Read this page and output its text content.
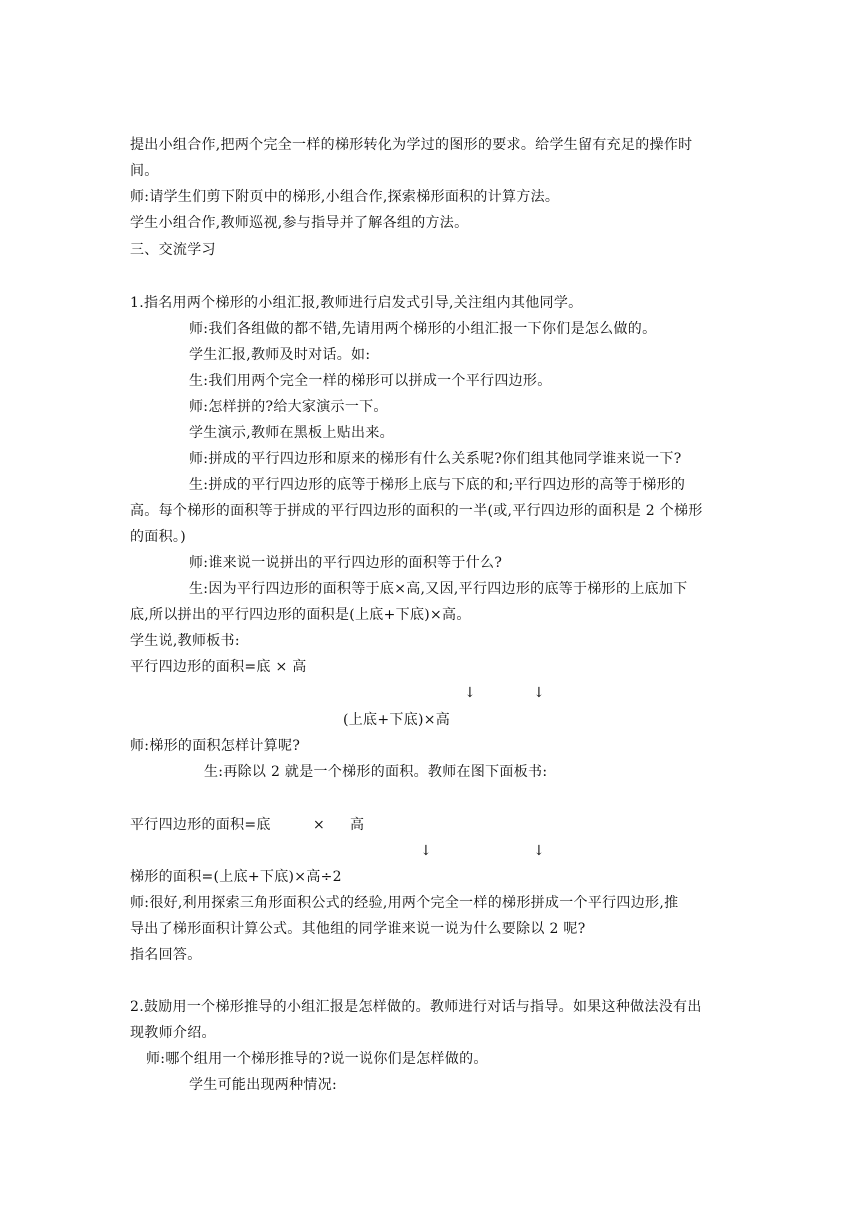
提出小组合作,把两个完全一样的梯形转化为学过的图形的要求。给学生留有充足的操作时
间。
师:请学生们剪下附页中的梯形,小组合作,探索梯形面积的计算方法。
学生小组合作,教师巡视,参与指导并了解各组的方法。
三、交流学习
1.指名用两个梯形的小组汇报,教师进行启发式引导,关注组内其他同学。
师:我们各组做的都不错,先请用两个梯形的小组汇报一下你们是怎么做的。
学生汇报,教师及时对话。如:
生:我们用两个完全一样的梯形可以拼成一个平行四边形。
师:怎样拼的?给大家演示一下。
学生演示,教师在黑板上贴出来。
师:拼成的平行四边形和原来的梯形有什么关系呢?你们组其他同学谁来说一下?
生:拼成的平行四边形的底等于梯形上底与下底的和;平行四边形的高等于梯形的
高。每个梯形的面积等于拼成的平行四边形的面积的一半(或,平行四边形的面积是 2 个梯形
的面积。)
师:谁来说一说拼出的平行四边形的面积等于什么?
生:因为平行四边形的面积等于底×高,又因,平行四边形的底等于梯形的上底加下
底,所以拼出的平行四边形的面积是(上底+下底)×高。
学生说,教师板书:
平行四边形的面积=底 × 高
↓	↓
(上底+下底)×高
师:梯形的面积怎样计算呢?
生:再除以 2 就是一个梯形的面积。教师在图下面板书:
平行四边形的面积=底	× 高
↓	↓
梯形的面积=(上底+下底)×高÷2
师:很好,利用探索三角形面积公式的经验,用两个完全一样的梯形拼成一个平行四边形,推
导出了梯形面积计算公式。其他组的同学谁来说一说为什么要除以 2 呢?
指名回答。
2.鼓励用一个梯形推导的小组汇报是怎样做的。教师进行对话与指导。如果这种做法没有出
现教师介绍。
师:哪个组用一个梯形推导的?说一说你们是怎样做的。
学生可能出现两种情况:
